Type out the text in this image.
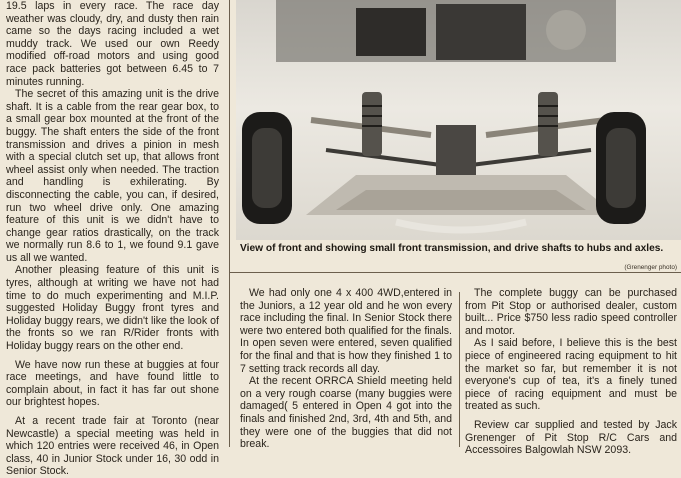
19.5 laps in every race. The race day weather was cloudy, dry, and dusty then rain came so the days racing included a wet muddy track. We used our own Reedy modified off-road motors and using good race pack batteries got between 6.45 to 7 minutes running.

The secret of this amazing unit is the drive shaft. It is a cable from the rear gear box, to a small gear box mounted at the front of the buggy. The shaft enters the side of the front transmission and drives a pinion in mesh with a special clutch set up, that allows front wheel assist only when needed. The traction and handling is exhilerating. By disconnecting the cable, you can, if desired, run two wheel drive only. One amazing feature of this unit is we didn't have to change gear ratios drastically, on the track we normally run 8.6 to 1, we found 9.1 gave us all we wanted.

Another pleasing feature of this unit is tyres, although at writing we have not had time to do much experimenting and M.I.P. suggested Holiday Buggy front tyres and Holiday buggy rears, we didn't like the look of the fronts so we ran R/Rider fronts with Holiday buggy rears on the other end.

We have now run these at buggies at four race meetings, and have found little to complain about, in fact it has far out shone our brightest hopes.

At a recent trade fair at Toronto (near Newcastle) a special meeting was held in which 120 entries were received 46, in Open class, 40 in Junior Stock under 16, 30 odd in Senior Stock.

View of front and showing small front transmission, and drive shafts to hubs and axles.
(Grenenger photo)

We had only one 4 x 400 4WD,entered in the Juniors, a 12 year old and he won every race including the final. In Senior Stock there were two entered both qualified for the finals. In open seven were entered, seven qualified for the final and that is how they finished 1 to 7 setting track records all day.

At the recent ORRCA Shield meeting held on a very rough coarse (many buggies were damaged( 5 entered in Open 4 got into the finals and finished 2nd, 3rd, 4th and 5th, and they were one of the buggies that did not break.

The complete buggy can be purchased from Pit Stop or authorised dealer, custom built... Price $750 less radio speed controller and motor.

As I said before, I believe this is the best piece of engineered racing equipment to hit the market so far, but remember it is not everyone's cup of tea, it's a finely tuned piece of racing equipment and must be treated as such.

Review car supplied and tested by Jack Grenenger of Pit Stop R/C Cars and Accessoires Balgowlah NSW 2093.
